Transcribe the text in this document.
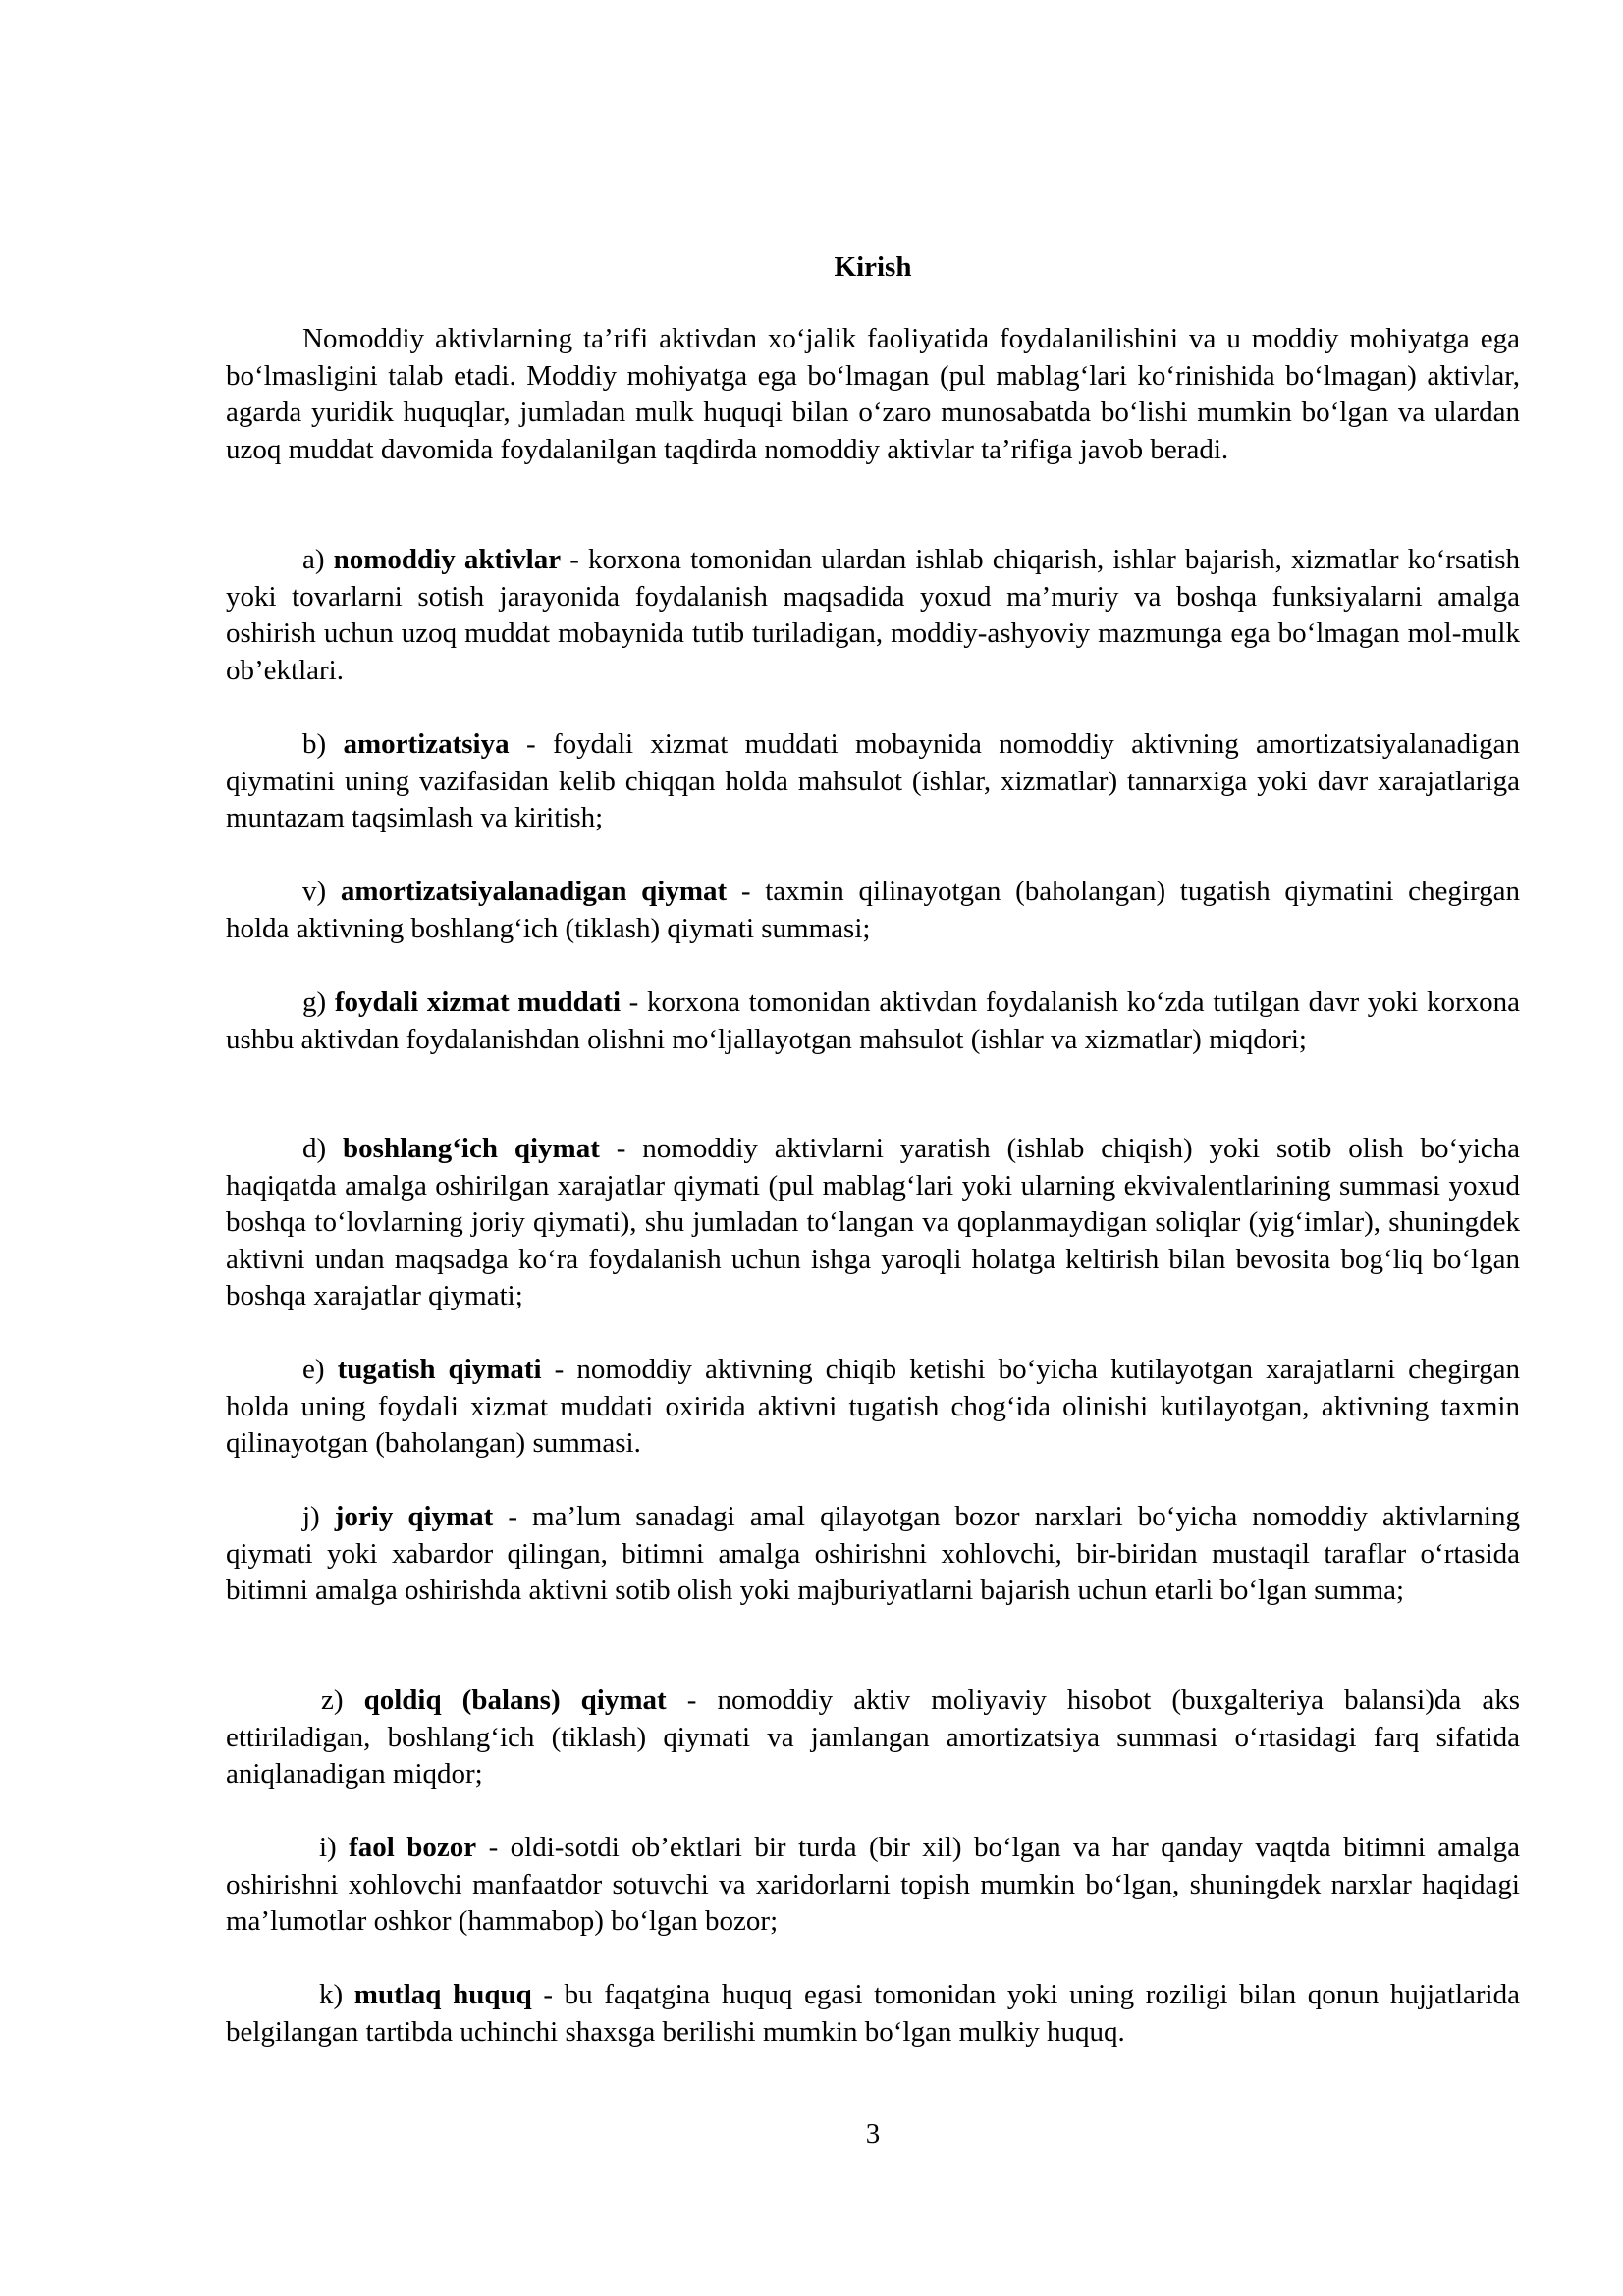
Kirish

Nomoddiy aktivlarning ta’rifi aktivdan xo‘jalik faoliyatida foydalanilishini va u moddiy mohiyatga ega bo‘lmasligini talab etadi. Moddiy mohiyatga ega bo‘lmagan (pul mablag‘lari ko‘rinishida bo‘lmagan) aktivlar, agarda yuridik huquqlar, jumladan mulk huquqi bilan o‘zaro munosabatda bo‘lishi mumkin bo‘lgan va ulardan uzoq muddat davomida foydalanilgan taqdirda nomoddiy aktivlar ta’rifiga javob beradi.

a) nomoddiy aktivlar - korxona tomonidan ulardan ishlab chiqarish, ishlar bajarish, xizmatlar ko‘rsatish yoki tovarlarni sotish jarayonida foydalanish maqsadida yoxud ma’muriy va boshqa funksiyalarni amalga oshirish uchun uzoq muddat mobaynida tutib turiladigan, moddiy-ashyoviy mazmunga ega bo‘lmagan mol-mulk ob’ektlari.

b) amortizatsiya - foydali xizmat muddati mobaynida nomoddiy aktivning amortizatsiyalanadigan qiymatini uning vazifasidan kelib chiqqan holda mahsulot (ishlar, xizmatlar) tannarxiga yoki davr xarajatlariga muntazam taqsimlash va kiritish;

v) amortizatsiyalanadigan qiymat - taxmin qilinayotgan (baholangan) tugatish qiymatini chegirgan holda aktivning boshlang‘ich (tiklash) qiymati summasi;

g) foydali xizmat muddati - korxona tomonidan aktivdan foydalanish ko‘zda tutilgan davr yoki korxona ushbu aktivdan foydalanishdan olishni mo‘ljallayotgan mahsulot (ishlar va xizmatlar) miqdori;

d) boshlang‘ich qiymat - nomoddiy aktivlarni yaratish (ishlab chiqish) yoki sotib olish bo‘yicha haqiqatda amalga oshirilgan xarajatlar qiymati (pul mablag‘lari yoki ularning ekvivalentlarining summasi yoxud boshqa to‘lovlarning joriy qiymati), shu jumladan to‘langan va qoplanmaydigan soliqlar (yig‘imlar), shuningdek aktivni undan maqsadga ko‘ra foydalanish uchun ishga yaroqli holatga keltirish bilan bevosita bog‘liq bo‘lgan boshqa xarajatlar qiymati;

e) tugatish qiymati - nomoddiy aktivning chiqib ketishi bo‘yicha kutilayotgan xarajatlarni chegirgan holda uning foydali xizmat muddati oxirida aktivni tugatish chog‘ida olinishi kutilayotgan, aktivning taxmin qilinayotgan (baholangan) summasi.

j) joriy qiymat - ma’lum sanadagi amal qilayotgan bozor narxlari bo‘yicha nomoddiy aktivlarning qiymati yoki xabardor qilingan, bitimni amalga oshirishni xohlovchi, bir-biridan mustaqil taraflar o‘rtasida bitimni amalga oshirishda aktivni sotib olish yoki majburiyatlarni bajarish uchun etarli bo‘lgan summa;

z) qoldiq (balans) qiymat - nomoddiy aktiv moliyaviy hisobot (buxgalteriya balansi)da aks ettiriladigan, boshlang‘ich (tiklash) qiymati va jamlangan amortizatsiya summasi o‘rtasidagi farq sifatida aniqlanadigan miqdor;

i) faol bozor - oldi-sotdi ob’ektlari bir turda (bir xil) bo‘lgan va har qanday vaqtda bitimni amalga oshirishni xohlovchi manfaatdor sotuvchi va xaridorlarni topish mumkin bo‘lgan, shuningdek narxlar haqidagi ma’lumotlar oshkor (hammabop) bo‘lgan bozor;

k) mutlaq huquq - bu faqatgina huquq egasi tomonidan yoki uning roziligi bilan qonun hujjatlarida belgilangan tartibda uchinchi shaxsga berilishi mumkin bo‘lgan mulkiy huquq.

3
